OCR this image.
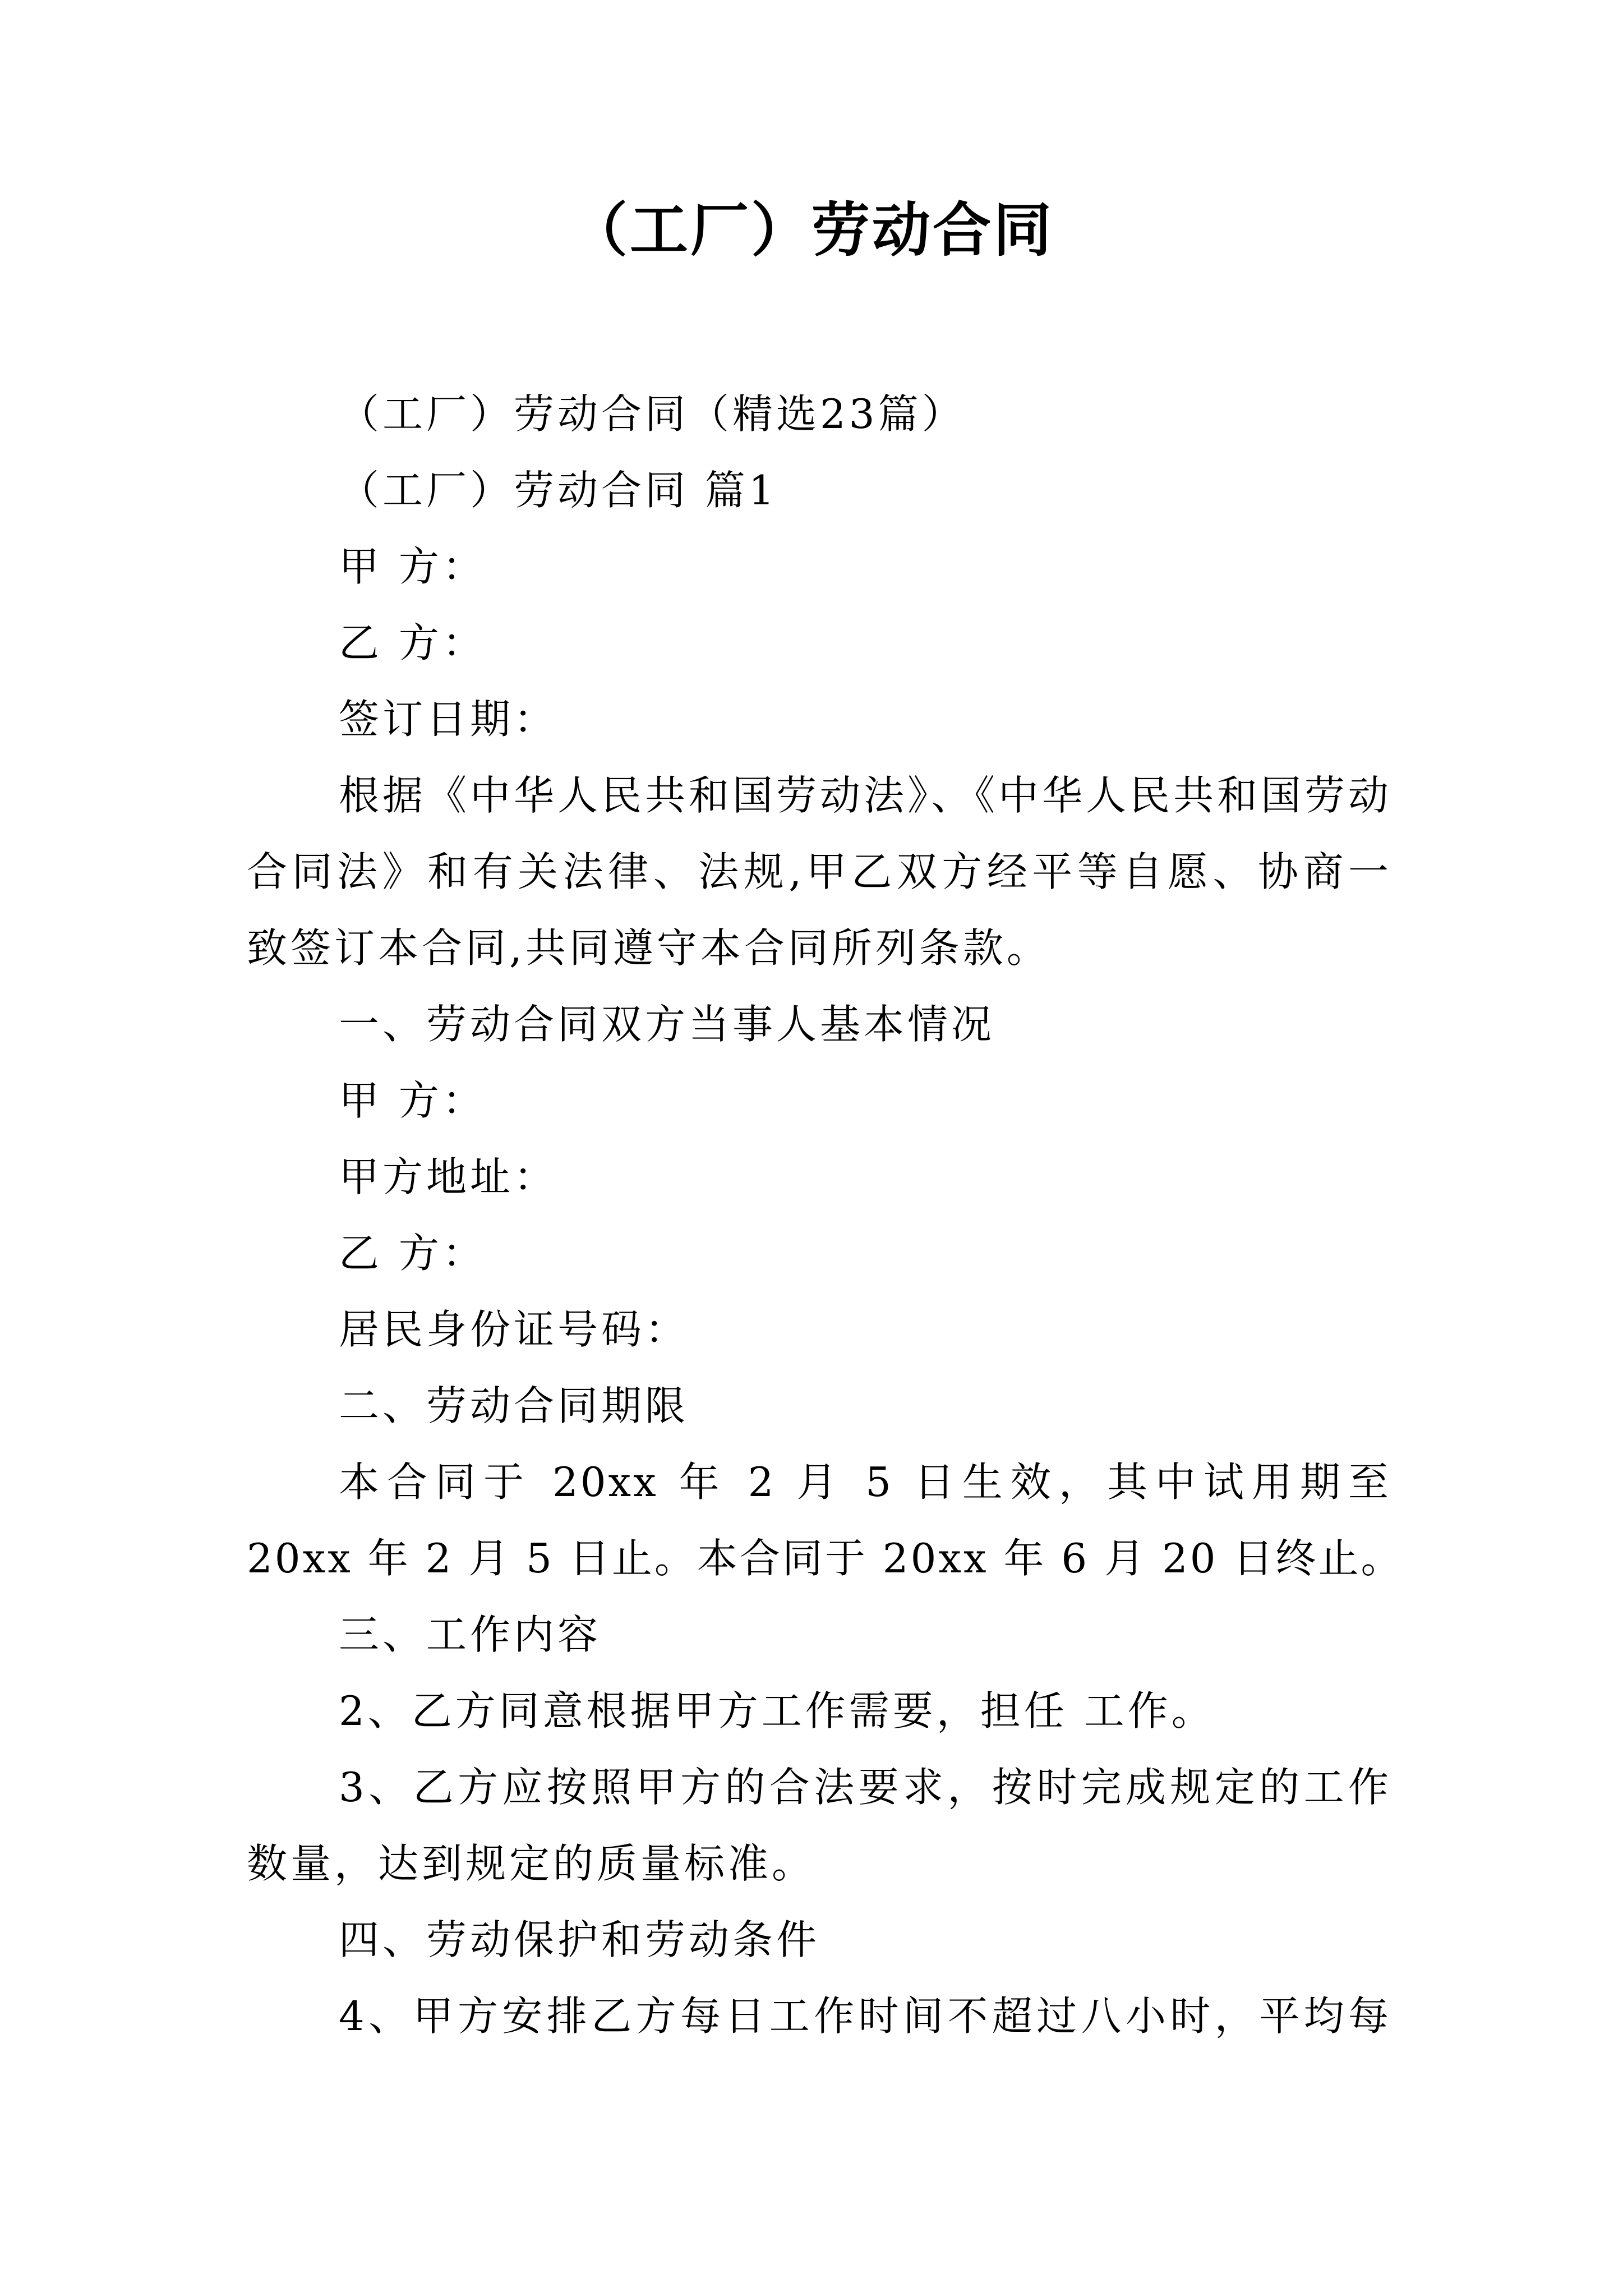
（工厂）劳动合同
（工厂）劳动合同（精选23篇）
（工厂）劳动合同 篇1
甲 方：
乙 方：
签订日期：
根据《中华人民共和国劳动法》、《中华人民共和国劳动
合同法》和有关法律、法规,甲乙双方经平等自愿、协商一
致签订本合同,共同遵守本合同所列条款。
一、劳动合同双方当事人基本情况
甲 方：
甲方地址：
乙 方：
居民身份证号码：
二、劳动合同期限
本合同于 20xx 年 2 月 5 日生效，其中试用期至
20xx 年 2 月 5 日止。本合同于 20xx 年 6 月 20 日终止。
三、工作内容
2、乙方同意根据甲方工作需要，担任 工作。
3、乙方应按照甲方的合法要求，按时完成规定的工作
数量，达到规定的质量标准。
四、劳动保护和劳动条件
4、甲方安排乙方每日工作时间不超过八小时，平均每
